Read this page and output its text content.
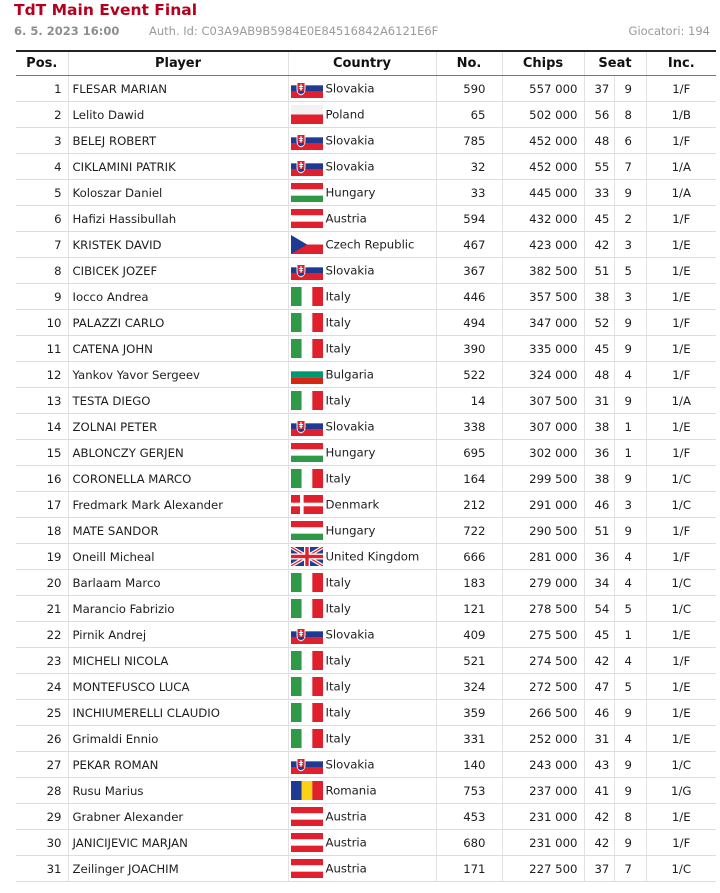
TdT Main Event Final
6. 5. 2023 16:00	Auth. Id: C03A9AB9B5984E0E84516842A6121E6F	Giocatori: 194
Pos.	Player	Country	No.	Chips	Seat		Inc.
1	FLESAR MARIAN	Slovakia	590	557 000	37	9	1/F
2	Lelito Dawid	Poland	65	502 000	56	8	1/B
3	BELEJ ROBERT	Slovakia	785	452 000	48	6	1/F
4	CIKLAMINI PATRIK	Slovakia	32	452 000	55	7	1/A
5	Koloszar Daniel	Hungary	33	445 000	33	9	1/A
6	Hafizi Hassibullah	Austria	594	432 000	45	2	1/F
7	KRISTEK DAVID	Czech Republic	467	423 000	42	3	1/E
8	CIBICEK JOZEF	Slovakia	367	382 500	51	5	1/E
9	Iocco Andrea	Italy	446	357 500	38	3	1/E
10	PALAZZI CARLO	Italy	494	347 000	52	9	1/F
11	CATENA JOHN	Italy	390	335 000	45	9	1/E
12	Yankov Yavor Sergeev	Bulgaria	522	324 000	48	4	1/F
13	TESTA DIEGO	Italy	14	307 500	31	9	1/A
14	ZOLNAI PETER	Slovakia	338	307 000	38	1	1/E
15	ABLONCZY GERJEN	Hungary	695	302 000	36	1	1/F
16	CORONELLA MARCO	Italy	164	299 500	38	9	1/C
17	Fredmark Mark Alexander	Denmark	212	291 000	46	3	1/C
18	MATE SANDOR	Hungary	722	290 500	51	9	1/F
19	Oneill Micheal	United Kingdom	666	281 000	36	4	1/F
20	Barlaam Marco	Italy	183	279 000	34	4	1/C
21	Marancio Fabrizio	Italy	121	278 500	54	5	1/C
22	Pirnik Andrej	Slovakia	409	275 500	45	1	1/E
23	MICHELI NICOLA	Italy	521	274 500	42	4	1/F
24	MONTEFUSCO LUCA	Italy	324	272 500	47	5	1/E
25	INCHIUMERELLI CLAUDIO	Italy	359	266 500	46	9	1/E
26	Grimaldi Ennio	Italy	331	252 000	31	4	1/E
27	PEKAR ROMAN	Slovakia	140	243 000	43	9	1/C
28	Rusu Marius	Romania	753	237 000	41	9	1/G
29	Grabner Alexander	Austria	453	231 000	42	8	1/E
30	JANICIJEVIC MARJAN	Austria	680	231 000	42	9	1/F
31	Zeilinger JOACHIM	Austria	171	227 500	37	7	1/C
